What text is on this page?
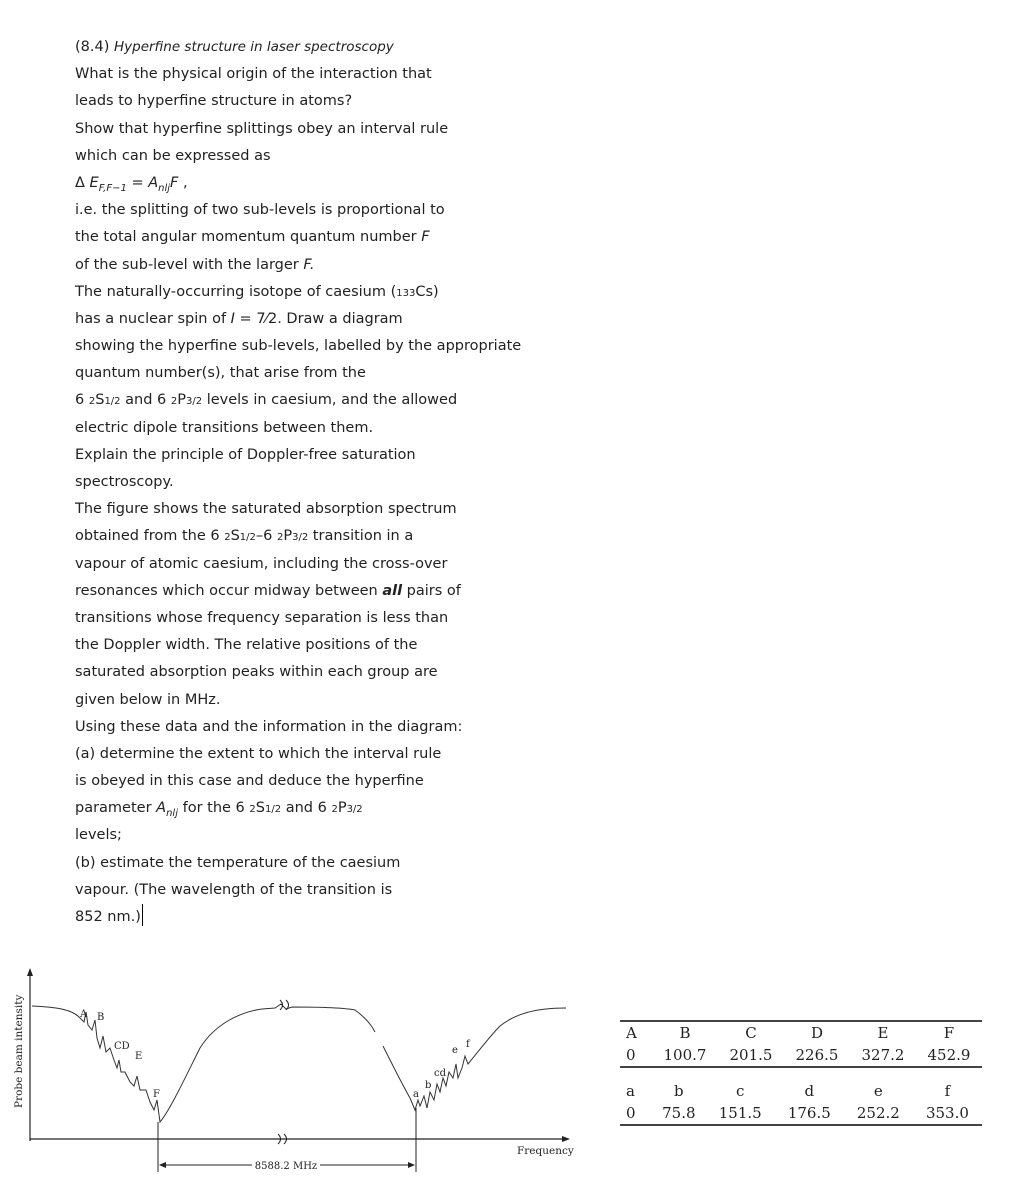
(8.4) Hyperfine structure in laser spectroscopy
What is the physical origin of the interaction that
leads to hyperfine structure in atoms?
Show that hyperfine splittings obey an interval rule
which can be expressed as
Δ $E_{F,F-1} = A_{nlj}F$ ,
i.e. the splitting of two sub-levels is proportional to
the total angular momentum quantum number F
of the sub-level with the larger F.
The naturally-occurring isotope of caesium (133Cs)
has a nuclear spin of I = 7⁄2. Draw a diagram
showing the hyperfine sub-levels, labelled by the appropriate
quantum number(s), that arise from the
6 2S1/2 and 6 2P3/2 levels in caesium, and the allowed
electric dipole transitions between them.
Explain the principle of Doppler-free saturation
spectroscopy.
The figure shows the saturated absorption spectrum
obtained from the 6 2S1/2–6 2P3/2 transition in a
vapour of atomic caesium, including the cross-over
resonances which occur midway between all pairs of
transitions whose frequency separation is less than
the Doppler width. The relative positions of the
saturated absorption peaks within each group are
given below in MHz.
Using these data and the information in the diagram:
(a) determine the extent to which the interval rule
is obeyed in this case and deduce the hyperfine
parameter $A_{nlj}$ for the 6 2S1/2 and 6 2P3/2
levels;
(b) estimate the temperature of the caesium
vapour. (The wavelength of the transition is
852 nm.)
8588.2 MHz
Probe beam intensity
Frequency
A B
CD
E
F	a
b
cd
e
f
A	B	C	D	E	F
0	100.7	201.5	226.5	327.2	452.9
a	b	c	d	e	f
0	75.8	151.5	176.5	252.2	353.0
